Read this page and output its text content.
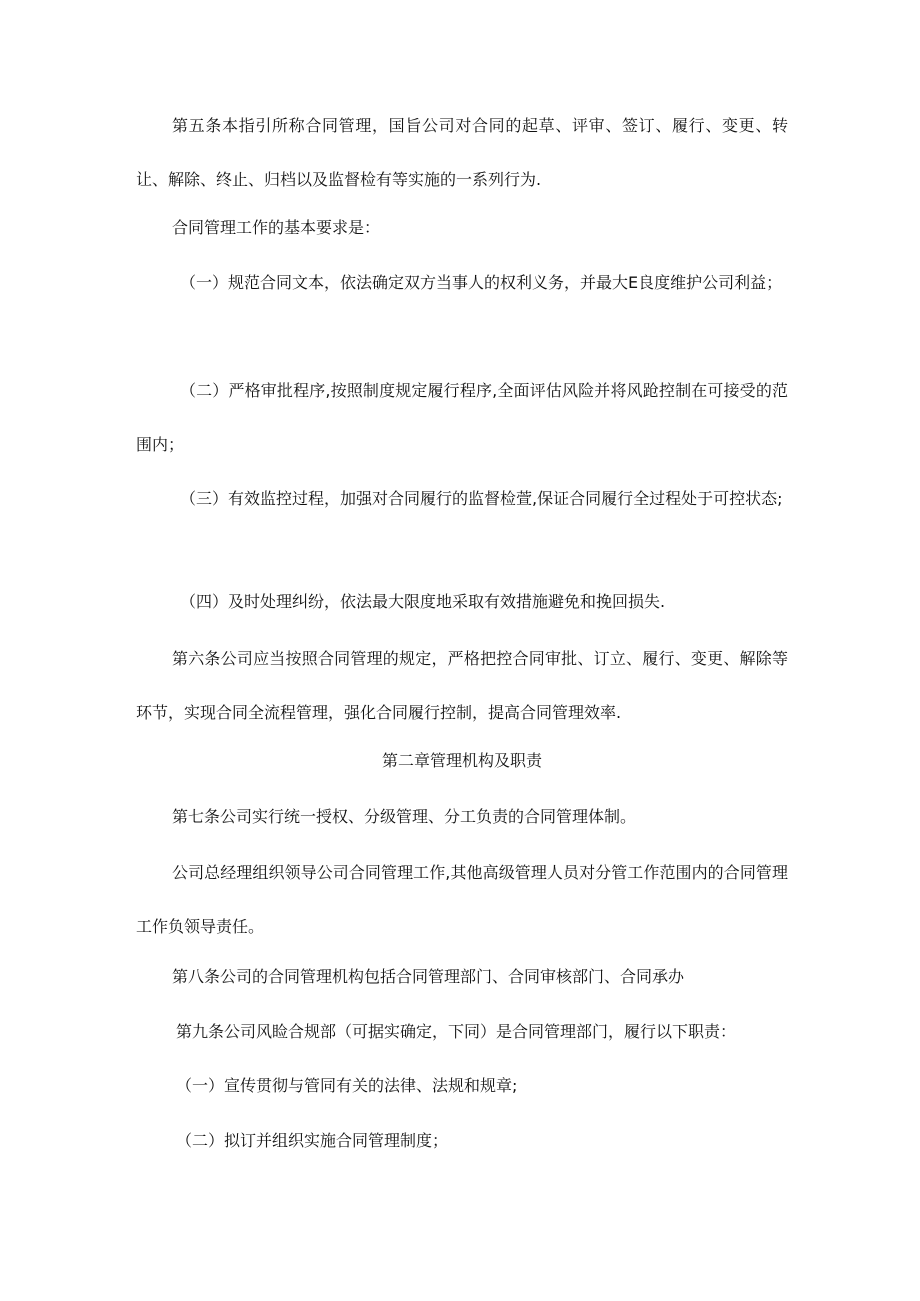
第五条本指引所称合同管理，国旨公司对合同的起草、评审、签订、履行、变更、转让、解除、终止、归档以及监督检有等实施的一系列行为.

合同管理工作的基本要求是：

（一）规范合同文本，依法确定双方当事人的权利义务，并最大E良度维护公司利益；

（二）严格审批程序,按照制度规定履行程序,全面评估风险并将风跄控制在可接受的范围内；

（三）有效监控过程，加强对合同履行的监督检萱,保证合同履行全过程处于可控状态;

（四）及时处理纠纷，依法最大限度地采取有效措施避免和挽回损失.

第六条公司应当按照合同管理的规定，严格把控合同审批、订立、履行、变更、解除等环节，实现合同全流程管理，强化合同履行控制，提高合同管理效率.

第二章管理机构及职责

第七条公司实行统一授权、分级管理、分工负责的合同管理体制。

公司总经理组织领导公司合同管理工作,其他高级管理人员对分管工作范围内的合同管理工作负领导责任。

第八条公司的合同管理机构包括合同管理部门、合同审核部门、合同承办

第九条公司风睑合规部（可据实确定，下同）是合同管理部门，履行以下职责：

（一）宣传贯彻与管同有关的法律、法规和规章;

（二）拟订并组织实施合同管理制度；
